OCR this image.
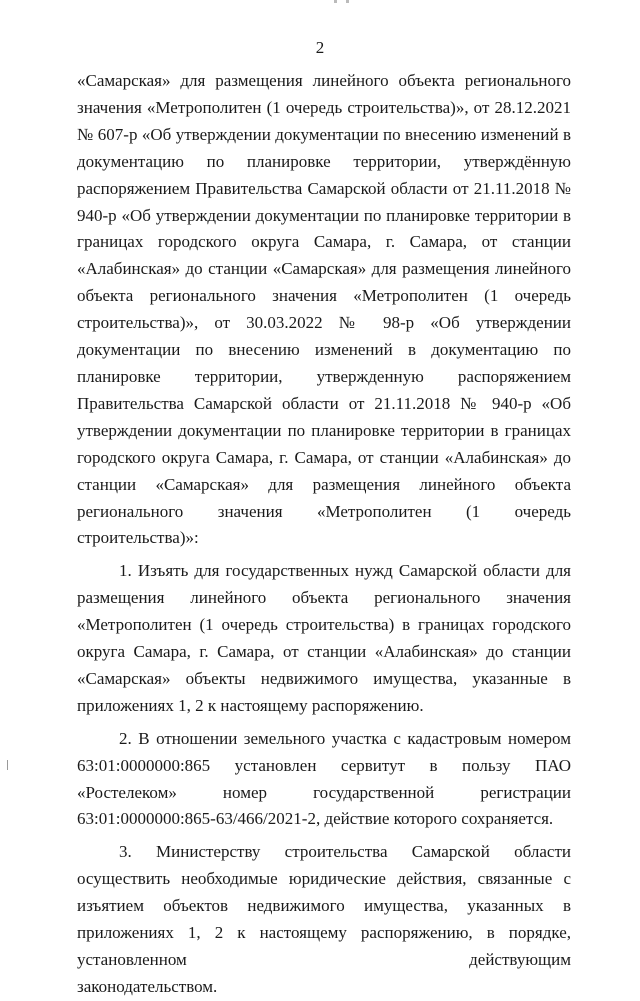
2

«Самарская» для размещения линейного объекта регионального значения «Метрополитен (1 очередь строительства)», от 28.12.2021 № 607-р «Об утверждении документации по внесению изменений в документацию по планировке территории, утверждённую распоряжением Правительства Самарской области от 21.11.2018 № 940-р «Об утверждении документации по планировке территории в границах городского округа Самара, г. Самара, от станции «Алабинская» до станции «Самарская» для размещения линейного объекта регионального значения «Метрополитен (1 очередь строительства)», от 30.03.2022 № 98-р «Об утверждении документации по внесению изменений в документацию по планировке территории, утвержденную распоряжением Правительства Самарской области от 21.11.2018 № 940-р «Об утверждении документации по планировке территории в границах городского округа Самара, г. Самара, от станции «Алабинская» до станции «Самарская» для размещения линейного объекта регионального значения «Метрополитен (1 очередь строительства)»:

1. Изъять для государственных нужд Самарской области для размещения линейного объекта регионального значения «Метрополитен (1 очередь строительства) в границах городского округа Самара, г. Самара, от станции «Алабинская» до станции «Самарская» объекты недвижимого имущества, указанные в приложениях 1, 2 к настоящему распоряжению.

2. В отношении земельного участка с кадастровым номером 63:01:0000000:865 установлен сервитут в пользу ПАО «Ростелеком» номер государственной регистрации 63:01:0000000:865-63/466/2021-2, действие которого сохраняется.

3. Министерству строительства Самарской области осуществить необходимые юридические действия, связанные с изъятием объектов недвижимого имущества, указанных в приложениях 1, 2 к настоящему распоряжению, в порядке, установленном действующим

законодательством.
